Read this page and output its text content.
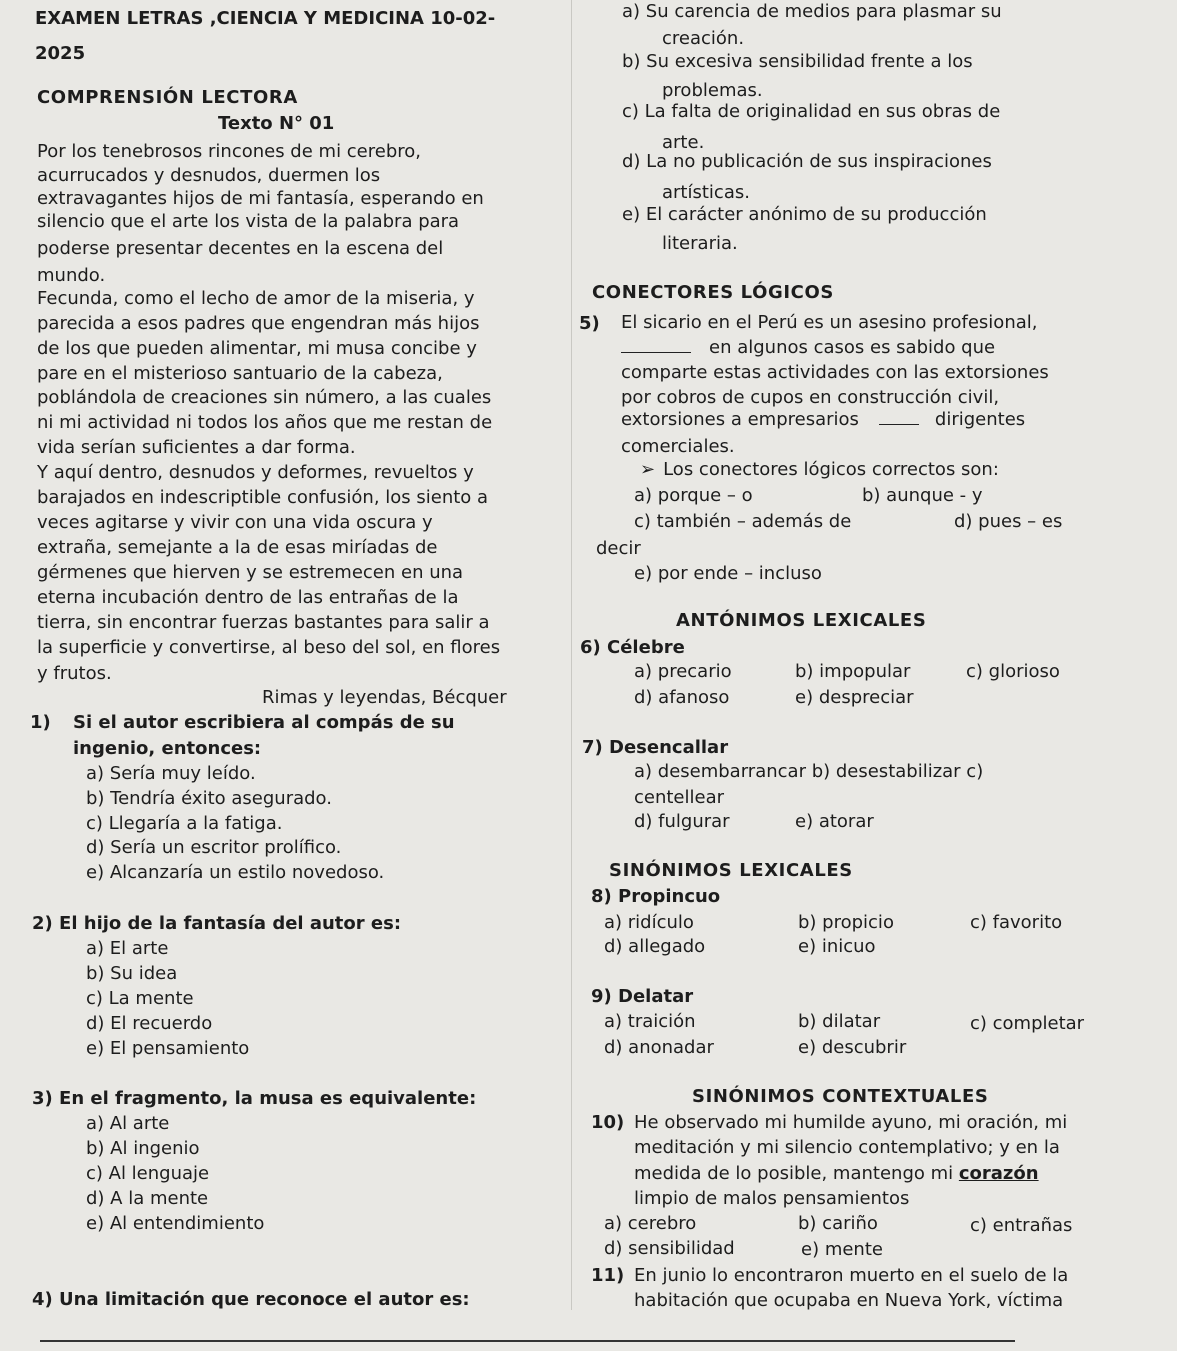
EXAMEN LETRAS ,CIENCIA Y MEDICINA 10-02-
2025
COMPRENSIÓN LECTORA
Texto N° 01
Por los tenebrosos rincones de mi cerebro,
acurrucados y desnudos, duermen los
extravagantes hijos de mi fantasía, esperando en
silencio que el arte los vista de la palabra para
poderse presentar decentes en la escena del
mundo.
Fecunda, como el lecho de amor de la miseria, y
parecida a esos padres que engendran más hijos
de los que pueden alimentar, mi musa concibe y
pare en el misterioso santuario de la cabeza,
poblándola de creaciones sin número, a las cuales
ni mi actividad ni todos los años que me restan de
vida serían suficientes a dar forma.
Y aquí dentro, desnudos y deformes, revueltos y
barajados en indescriptible confusión, los siento a
veces agitarse y vivir con una vida oscura y
extraña, semejante a la de esas miríadas de
gérmenes que hierven y se estremecen en una
eterna incubación dentro de las entrañas de la
tierra, sin encontrar fuerzas bastantes para salir a
la superficie y convertirse, al beso del sol, en flores
y frutos.
Rimas y leyendas, Bécquer
1) Si el autor escribiera al compás de su
ingenio, entonces:
a) Sería muy leído.
b) Tendría éxito asegurado.
c) Llegaría a la fatiga.
d) Sería un escritor prolífico.
e) Alcanzaría un estilo novedoso.
2) El hijo de la fantasía del autor es:
a) El arte
b) Su idea
c) La mente
d) El recuerdo
e) El pensamiento
3) En el fragmento, la musa es equivalente:
a) Al arte
b) Al ingenio
c) Al lenguaje
d) A la mente
e) Al entendimiento
4) Una limitación que reconoce el autor es:
a) Su carencia de medios para plasmar su
creación.
b) Su excesiva sensibilidad frente a los
problemas.
c) La falta de originalidad en sus obras de
arte.
d) La no publicación de sus inspiraciones
artísticas.
e) El carácter anónimo de su producción
literaria.
CONECTORES LÓGICOS
5) El sicario en el Perú es un asesino profesional,
en algunos casos es sabido que
comparte estas actividades con las extorsiones
por cobros de cupos en construcción civil,
extorsiones a empresarios	dirigentes
comerciales.
➢ Los conectores lógicos correctos son:
a) porque – o	b) aunque - y
c) también – además de	d) pues – es
decir
e) por ende – incluso
ANTÓNIMOS LEXICALES
6) Célebre
a) precario	b) impopular	c) glorioso
d) afanoso	e) despreciar
7) Desencallar
a) desembarrancar b) desestabilizar c)
centellear
d) fulgurar	e) atorar
SINÓNIMOS LEXICALES
8) Propincuo
a) ridículo	b) propicio	c) favorito
d) allegado	e) inicuo
9) Delatar
a) traición	b) dilatar	c) completar
d) anonadar	e) descubrir
SINÓNIMOS CONTEXTUALES
10) He observado mi humilde ayuno, mi oración, mi
meditación y mi silencio contemplativo; y en la
medida de lo posible, mantengo mi corazón
limpio de malos pensamientos
a) cerebro	b) cariño	c) entrañas
d) sensibilidad	e) mente
11) En junio lo encontraron muerto en el suelo de la
habitación que ocupaba en Nueva York, víctima
